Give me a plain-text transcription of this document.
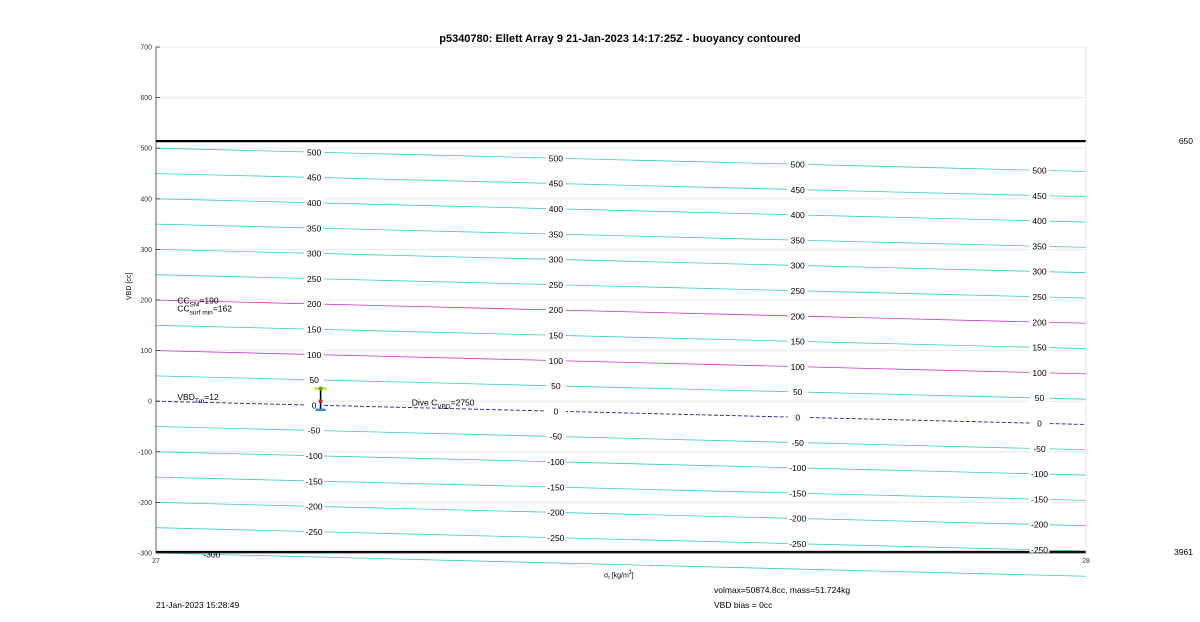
650
3961
500
450
400
350
300
250
200
150
100
50
0
-50
-100
-150
-200
-250
500
450
400
350
300
250
200
150
100
50
0
-50
-100
-150
-200
-250
500
450
400
350
300
250
200
150
100
50
0
-50
-100
-150
-200
-250
500
450
400
350
300
250
200
150
100
50
0
-50
-100
-150
-200
-250
-300
700
600
500
400
300
200
100
0
-100
-200
-300
27	28
$CC_{SM}=190$
$CC_{surf min}=162$
$VBD_{Tm}=12$
Dive $C_{VBD}=2750$
p5340780: Ellett Array 9 21-Jan-2023 14:17:25Z - buoyancy contoured
VBD [cc]
$\sigma_t$ $[kg/m^3]$
volmax=50874.8cc, mass=51.724kg
VBD bias = 0cc
21-Jan-2023 15:28:49
